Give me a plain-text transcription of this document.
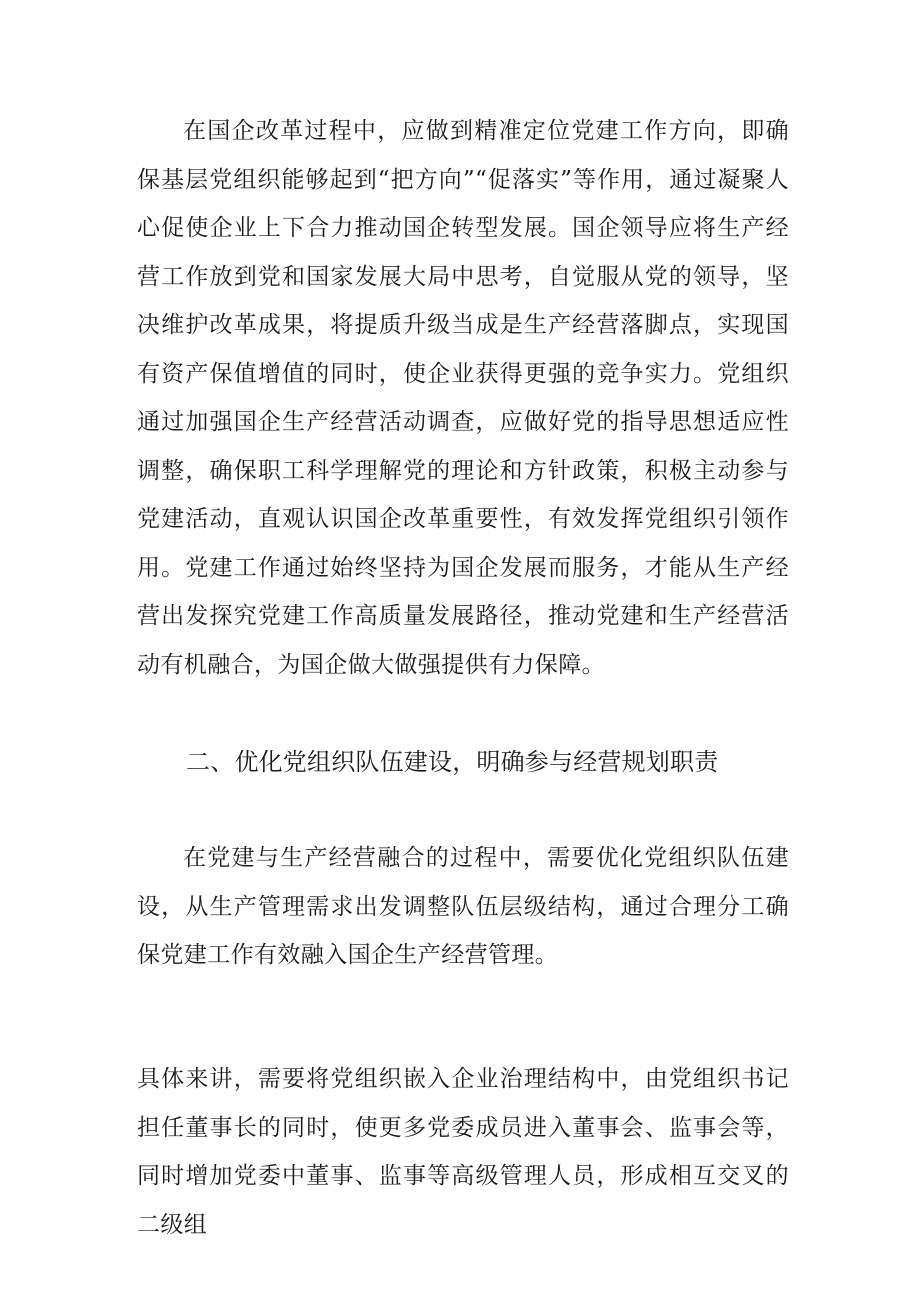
在国企改革过程中，应做到精准定位党建工作方向，即确保基层党组织能够起到“把方向”“促落实”等作用，通过凝聚人心促使企业上下合力推动国企转型发展。国企领导应将生产经营工作放到党和国家发展大局中思考，自觉服从党的领导，坚决维护改革成果，将提质升级当成是生产经营落脚点，实现国有资产保值增值的同时，使企业获得更强的竞争实力。党组织通过加强国企生产经营活动调查，应做好党的指导思想适应性调整，确保职工科学理解党的理论和方针政策，积极主动参与党建活动，直观认识国企改革重要性，有效发挥党组织引领作用。党建工作通过始终坚持为国企发展而服务，才能从生产经营出发探究党建工作高质量发展路径，推动党建和生产经营活动有机融合，为国企做大做强提供有力保障。

二、优化党组织队伍建设，明确参与经营规划职责

在党建与生产经营融合的过程中，需要优化党组织队伍建设，从生产管理需求出发调整队伍层级结构，通过合理分工确保党建工作有效融入国企生产经营管理。

具体来讲，需要将党组织嵌入企业治理结构中，由党组织书记担任董事长的同时，使更多党委成员进入董事会、监事会等，同时增加党委中董事、监事等高级管理人员，形成相互交叉的二级组
